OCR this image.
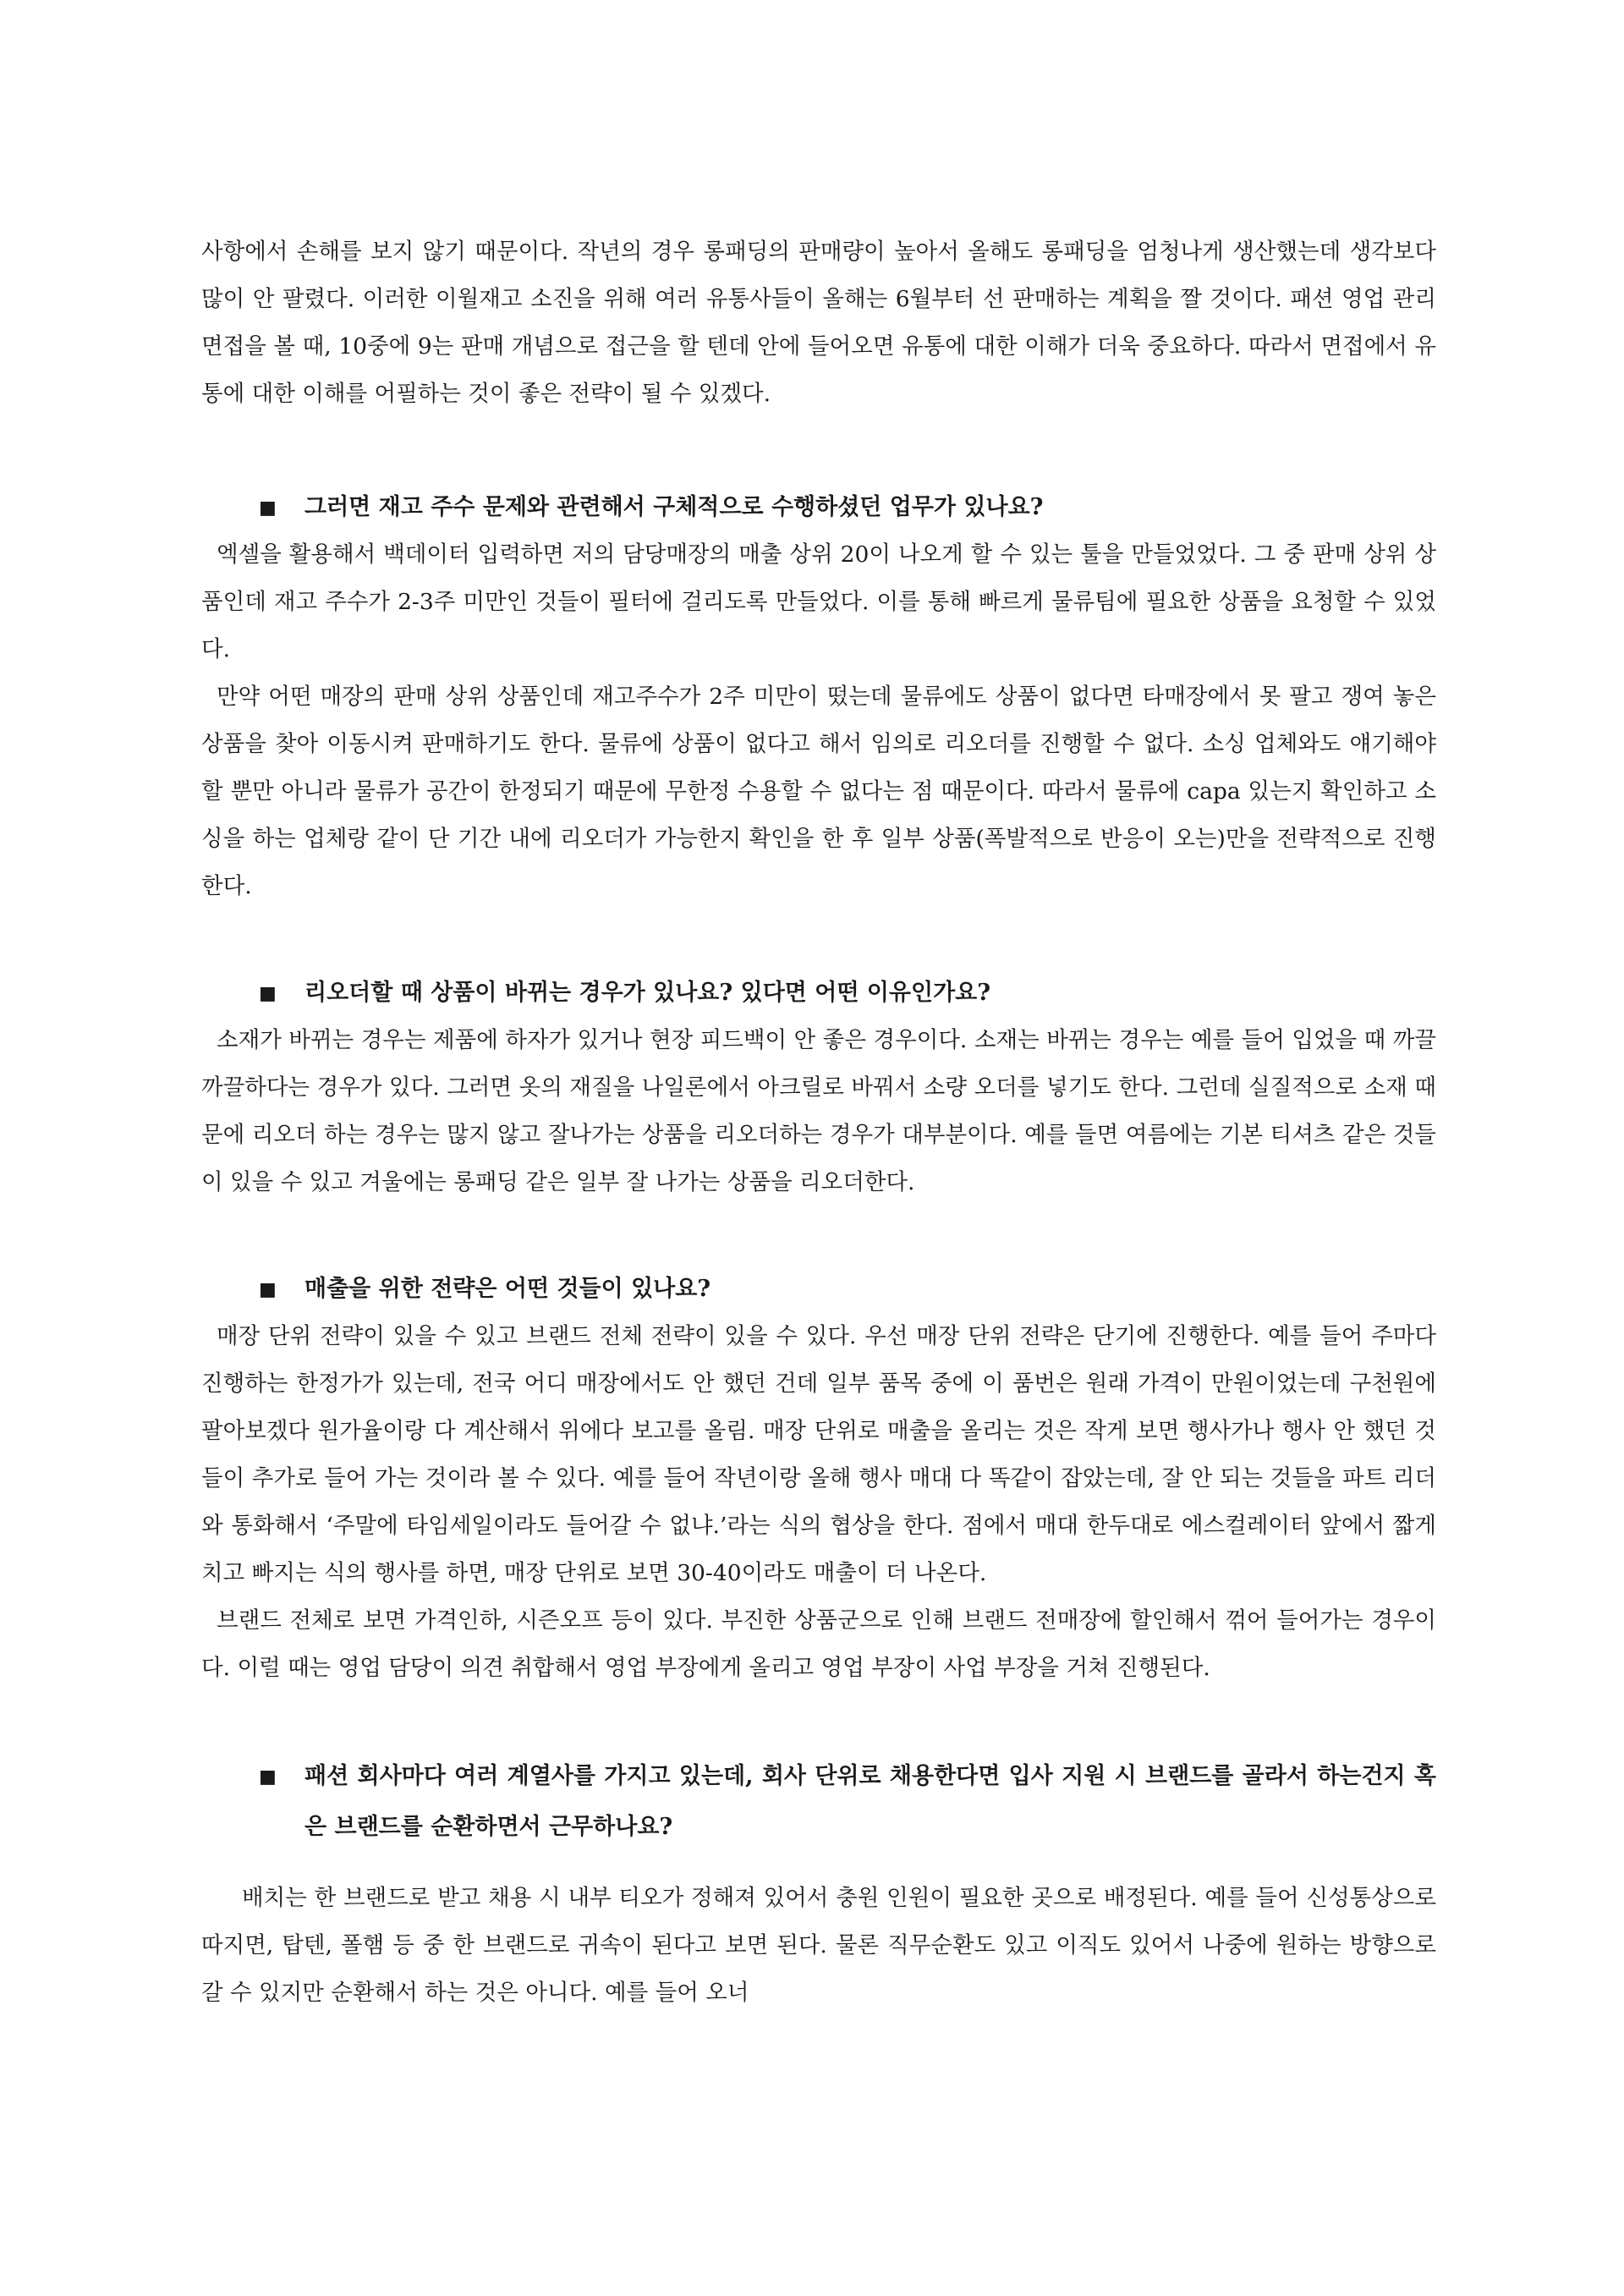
사항에서 손해를 보지 않기 때문이다. 작년의 경우 롱패딩의 판매량이 높아서 올해도 롱패딩을 엄청나게 생산했는데 생각보다 많이 안 팔렸다. 이러한 이월재고 소진을 위해 여러 유통사들이 올해는 6월부터 선 판매하는 계획을 짤 것이다. 패션 영업 관리 면접을 볼 때, 10중에 9는 판매 개념으로 접근을 할 텐데 안에 들어오면 유통에 대한 이해가 더욱 중요하다. 따라서 면접에서 유통에 대한 이해를 어필하는 것이 좋은 전략이 될 수 있겠다.

■ 그러면 재고 주수 문제와 관련해서 구체적으로 수행하셨던 업무가 있나요?

엑셀을 활용해서 백데이터 입력하면 저의 담당매장의 매출 상위 20이 나오게 할 수 있는 툴을 만들었었다. 그 중 판매 상위 상품인데 재고 주수가 2-3주 미만인 것들이 필터에 걸리도록 만들었다. 이를 통해 빠르게 물류팀에 필요한 상품을 요청할 수 있었다.

만약 어떤 매장의 판매 상위 상품인데 재고주수가 2주 미만이 떴는데 물류에도 상품이 없다면 타매장에서 못 팔고 쟁여 놓은 상품을 찾아 이동시켜 판매하기도 한다. 물류에 상품이 없다고 해서 임의로 리오더를 진행할 수 없다. 소싱 업체와도 얘기해야 할 뿐만 아니라 물류가 공간이 한정되기 때문에 무한정 수용할 수 없다는 점 때문이다. 따라서 물류에 capa 있는지 확인하고 소싱을 하는 업체랑 같이 단 기간 내에 리오더가 가능한지 확인을 한 후 일부 상품(폭발적으로 반응이 오는)만을 전략적으로 진행한다.

■ 리오더할 때 상품이 바뀌는 경우가 있나요? 있다면 어떤 이유인가요?

소재가 바뀌는 경우는 제품에 하자가 있거나 현장 피드백이 안 좋은 경우이다. 소재는 바뀌는 경우는 예를 들어 입었을 때 까끌까끌하다는 경우가 있다. 그러면 옷의 재질을 나일론에서 아크릴로 바꿔서 소량 오더를 넣기도 한다. 그런데 실질적으로 소재 때문에 리오더 하는 경우는 많지 않고 잘나가는 상품을 리오더하는 경우가 대부분이다. 예를 들면 여름에는 기본 티셔츠 같은 것들이 있을 수 있고 겨울에는 롱패딩 같은 일부 잘 나가는 상품을 리오더한다.

■ 매출을 위한 전략은 어떤 것들이 있나요?

매장 단위 전략이 있을 수 있고 브랜드 전체 전략이 있을 수 있다. 우선 매장 단위 전략은 단기에 진행한다. 예를 들어 주마다 진행하는 한정가가 있는데, 전국 어디 매장에서도 안 했던 건데 일부 품목 중에 이 품번은 원래 가격이 만원이었는데 구천원에 팔아보겠다 원가율이랑 다 계산해서 위에다 보고를 올림. 매장 단위로 매출을 올리는 것은 작게 보면 행사가나 행사 안 했던 것들이 추가로 들어 가는 것이라 볼 수 있다. 예를 들어 작년이랑 올해 행사 매대 다 똑같이 잡았는데, 잘 안 되는 것들을 파트 리더와 통화해서 ‘주말에 타임세일이라도 들어갈 수 없냐.’라는 식의 협상을 한다. 점에서 매대 한두대로 에스컬레이터 앞에서 짧게 치고 빠지는 식의 행사를 하면, 매장 단위로 보면 30-40이라도 매출이 더 나온다.

브랜드 전체로 보면 가격인하, 시즌오프 등이 있다. 부진한 상품군으로 인해 브랜드 전매장에 할인해서 꺾어 들어가는 경우이다. 이럴 때는 영업 담당이 의견 취합해서 영업 부장에게 올리고 영업 부장이 사업 부장을 거쳐 진행된다.

■ 패션 회사마다 여러 계열사를 가지고 있는데, 회사 단위로 채용한다면 입사 지원 시 브랜드를 골라서 하는건지 혹은 브랜드를 순환하면서 근무하나요?

배치는 한 브랜드로 받고 채용 시 내부 티오가 정해져 있어서 충원 인원이 필요한 곳으로 배정된다. 예를 들어 신성통상으로 따지면, 탑텐, 폴햄 등 중 한 브랜드로 귀속이 된다고 보면 된다. 물론 직무순환도 있고 이직도 있어서 나중에 원하는 방향으로 갈 수 있지만 순환해서 하는 것은 아니다. 예를 들어 오너
